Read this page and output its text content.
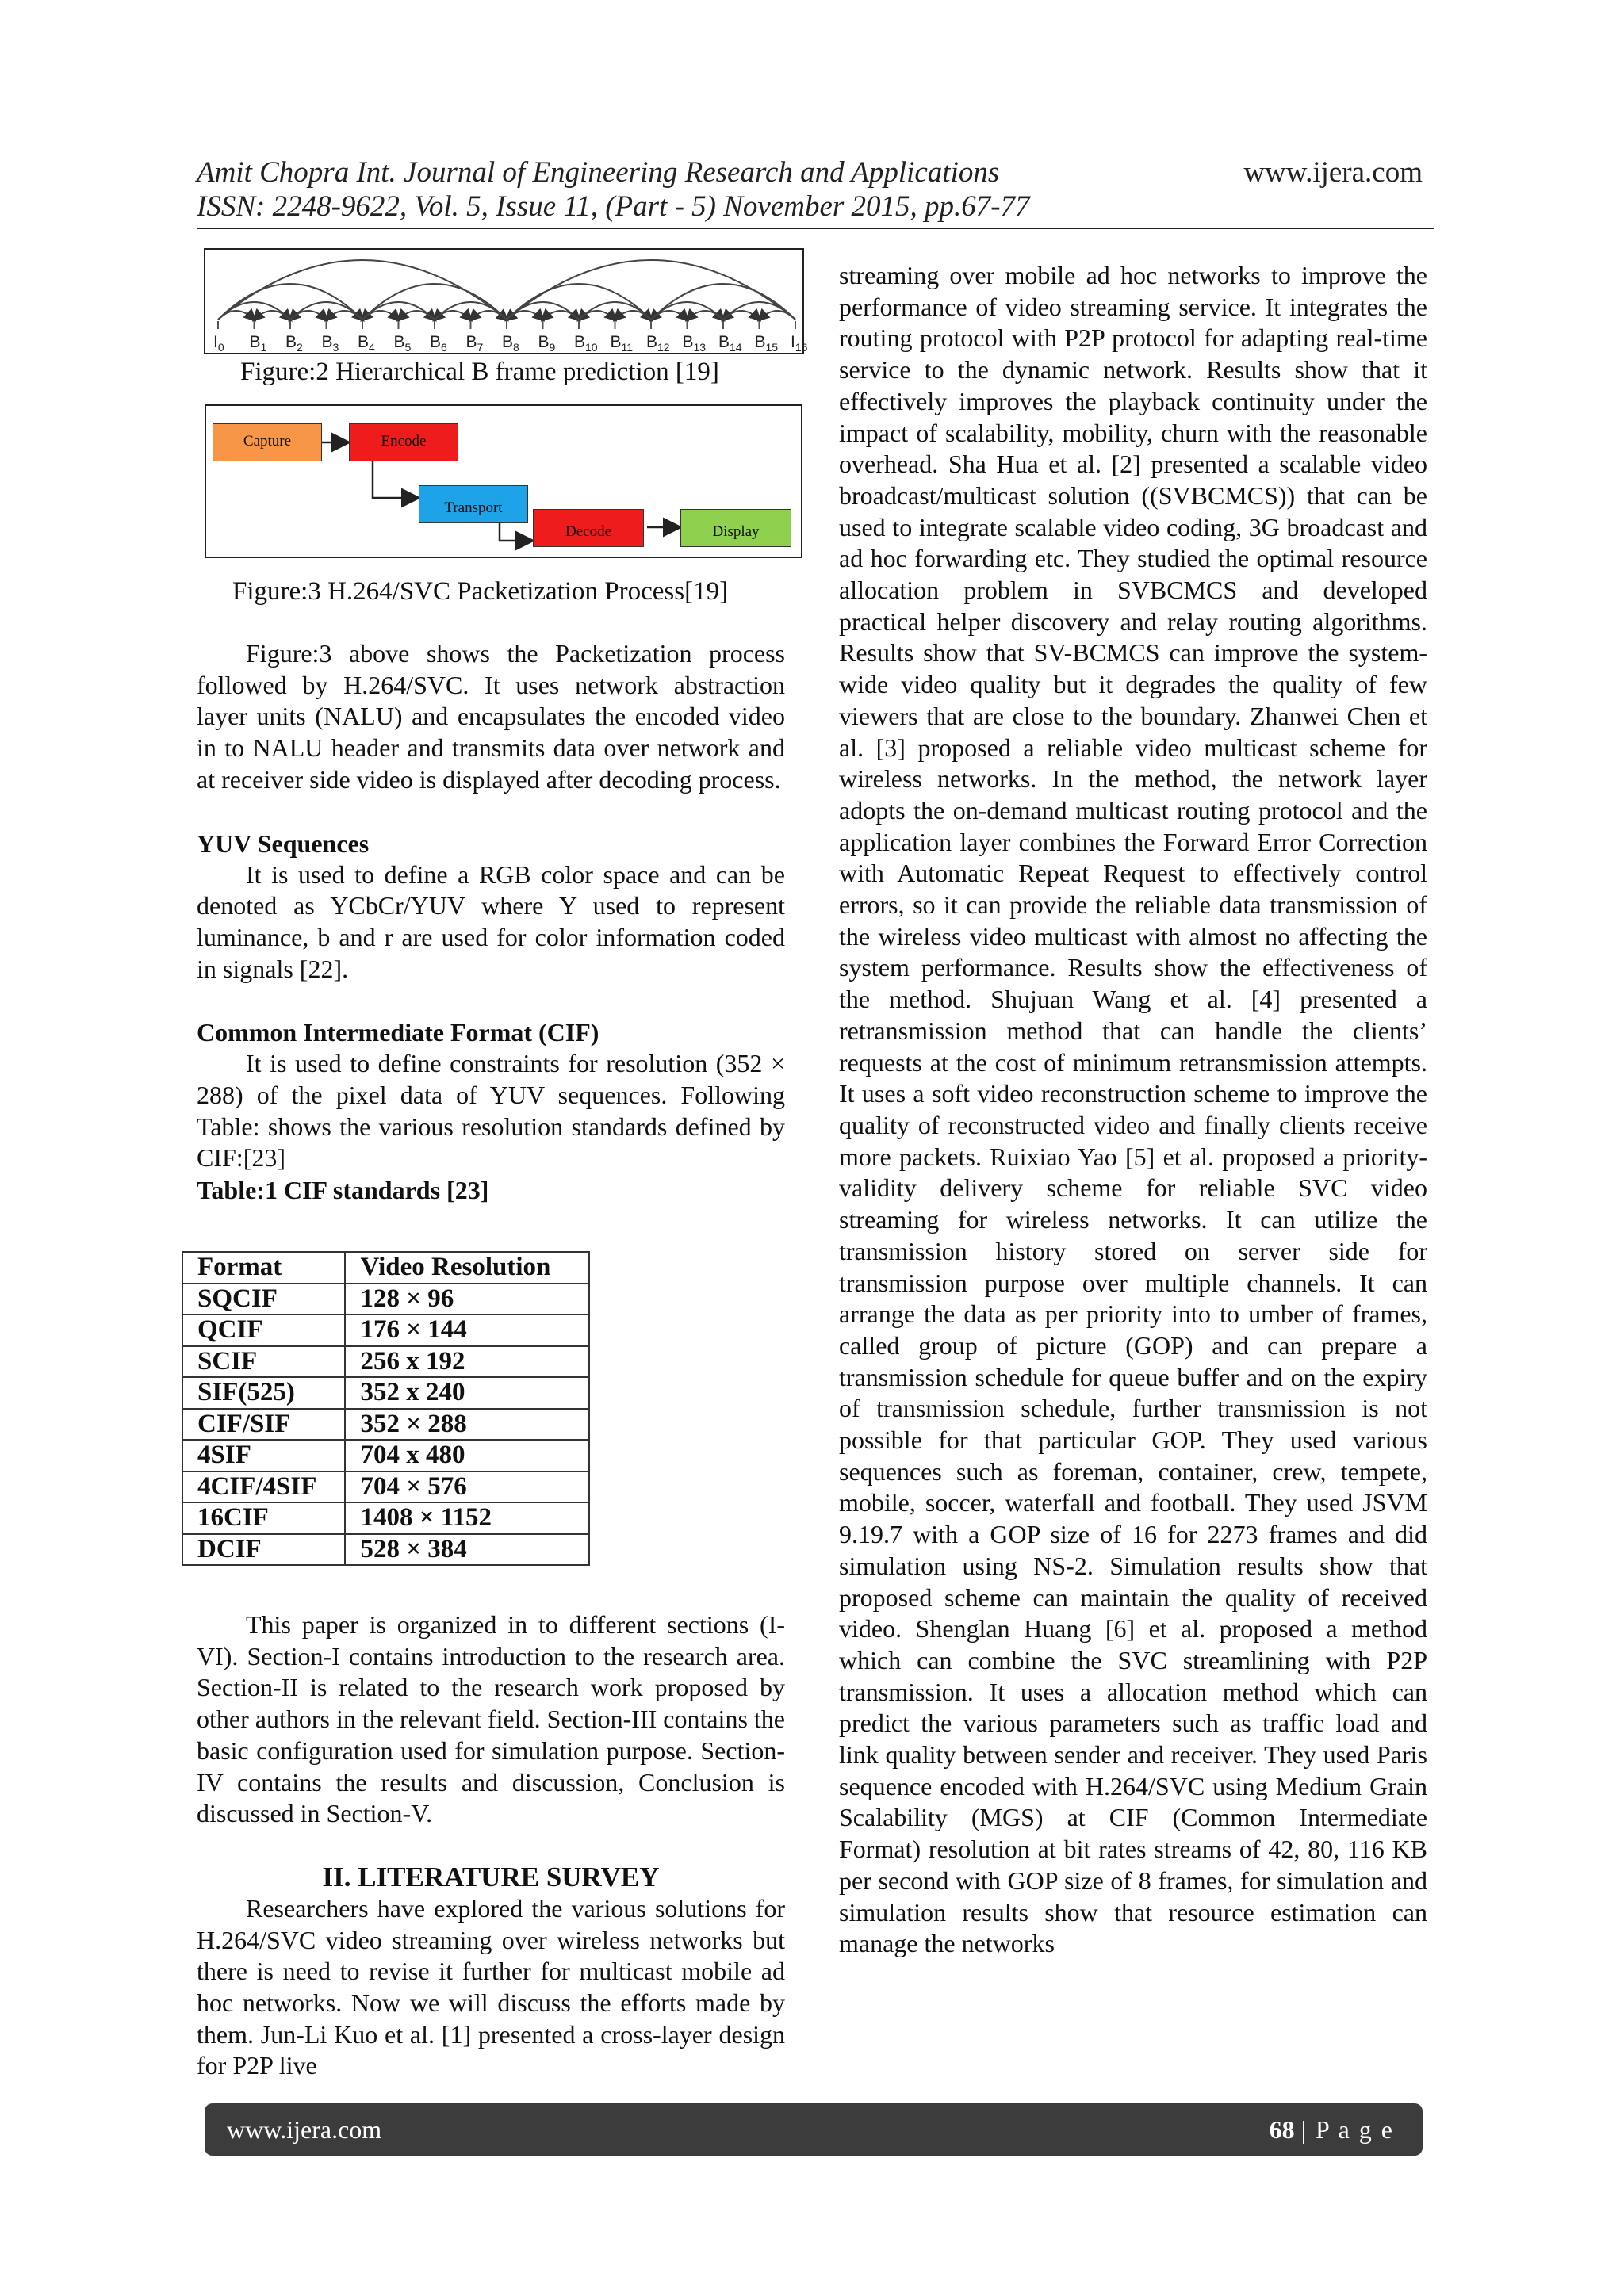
Amit Chopra Int. Journal of Engineering Research and Applications	www.ijera.com
ISSN: 2248-9622, Vol. 5, Issue 11, (Part - 5) November 2015, pp.67-77
$I_0$ $B_1$ $B_2$ $B_3$ $B_4$ $B_5$ $B_6$ $B_7$ $B_8$ $B_9$ $B_{10}$ $B_{11}$ $B_{12}$ $B_{13}$ $B_{14}$ $B_{15}$ $I_{16}$
Figure:2 Hierarchical B frame prediction [19]
Capture	Encode
Transport
Decode	Display
Figure:3 H.264/SVC Packetization Process[19]

Figure:3 above shows the Packetization process followed by H.264/SVC. It uses network abstraction layer units (NALU) and encapsulates the encoded video in to NALU header and transmits data over network and at receiver side video is displayed after decoding process.

YUV Sequences

It is used to define a RGB color space and can be denoted as YCbCr/YUV where Y used to represent luminance, b and r are used for color information coded in signals [22].

Common Intermediate Format (CIF)

It is used to define constraints for resolution (352 × 288) of the pixel data of YUV sequences. Following Table: shows the various resolution standards defined by CIF:[23]

Table:1 CIF standards [23]
Format	Video Resolution
SQCIF	128 × 96
QCIF	176 × 144
SCIF	256 x 192
SIF(525)	352 x 240
CIF/SIF	352 × 288
4SIF	704 x 480
4CIF/4SIF	704 × 576
16CIF	1408 × 1152
DCIF	528 × 384

This paper is organized in to different sections (I-VI). Section-I contains introduction to the research area. Section-II is related to the research work proposed by other authors in the relevant field. Section-III contains the basic configuration used for simulation purpose. Section-IV contains the results and discussion, Conclusion is discussed in Section-V.

II. LITERATURE SURVEY

Researchers have explored the various solutions for H.264/SVC video streaming over wireless networks but there is need to revise it further for multicast mobile ad hoc networks. Now we will discuss the efforts made by them. Jun-Li Kuo et al. [1] presented a cross-layer design for P2P live

streaming over mobile ad hoc networks to improve the performance of video streaming service. It integrates the routing protocol with P2P protocol for adapting real-time service to the dynamic network. Results show that it effectively improves the playback continuity under the impact of scalability, mobility, churn with the reasonable overhead. Sha Hua et al. [2] presented a scalable video broadcast/multicast solution ((SVBCMCS)) that can be used to integrate scalable video coding, 3G broadcast and ad hoc forwarding etc. They studied the optimal resource allocation problem in SVBCMCS and developed practical helper discovery and relay routing algorithms. Results show that SV-BCMCS can improve the system-wide video quality but it degrades the quality of few viewers that are close to the boundary. Zhanwei Chen et al. [3] proposed a reliable video multicast scheme for wireless networks. In the method, the network layer adopts the on-demand multicast routing protocol and the application layer combines the Forward Error Correction with Automatic Repeat Request to effectively control errors, so it can provide the reliable data transmission of the wireless video multicast with almost no affecting the system performance. Results show the effectiveness of the method. Shujuan Wang et al. [4] presented a retransmission method that can handle the clients’ requests at the cost of minimum retransmission attempts. It uses a soft video reconstruction scheme to improve the quality of reconstructed video and finally clients receive more packets. Ruixiao Yao [5] et al. proposed a priority-validity delivery scheme for reliable SVC video streaming for wireless networks. It can utilize the transmission history stored on server side for transmission purpose over multiple channels. It can arrange the data as per priority into to umber of frames, called group of picture (GOP) and can prepare a transmission schedule for queue buffer and on the expiry of transmission schedule, further transmission is not possible for that particular GOP. They used various sequences such as foreman, container, crew, tempete, mobile, soccer, waterfall and football. They used JSVM 9.19.7 with a GOP size of 16 for 2273 frames and did simulation using NS-2. Simulation results show that proposed scheme can maintain the quality of received video. Shenglan Huang [6] et al. proposed a method which can combine the SVC streamlining with P2P transmission. It uses a allocation method which can predict the various parameters such as traffic load and link quality between sender and receiver. They used Paris sequence encoded with H.264/SVC using Medium Grain Scalability (MGS) at CIF (Common Intermediate Format) resolution at bit rates streams of 42, 80, 116 KB per second with GOP size of 8 frames, for simulation and simulation results show that resource estimation can manage the networks

www.ijera.com	68 | P a g e
